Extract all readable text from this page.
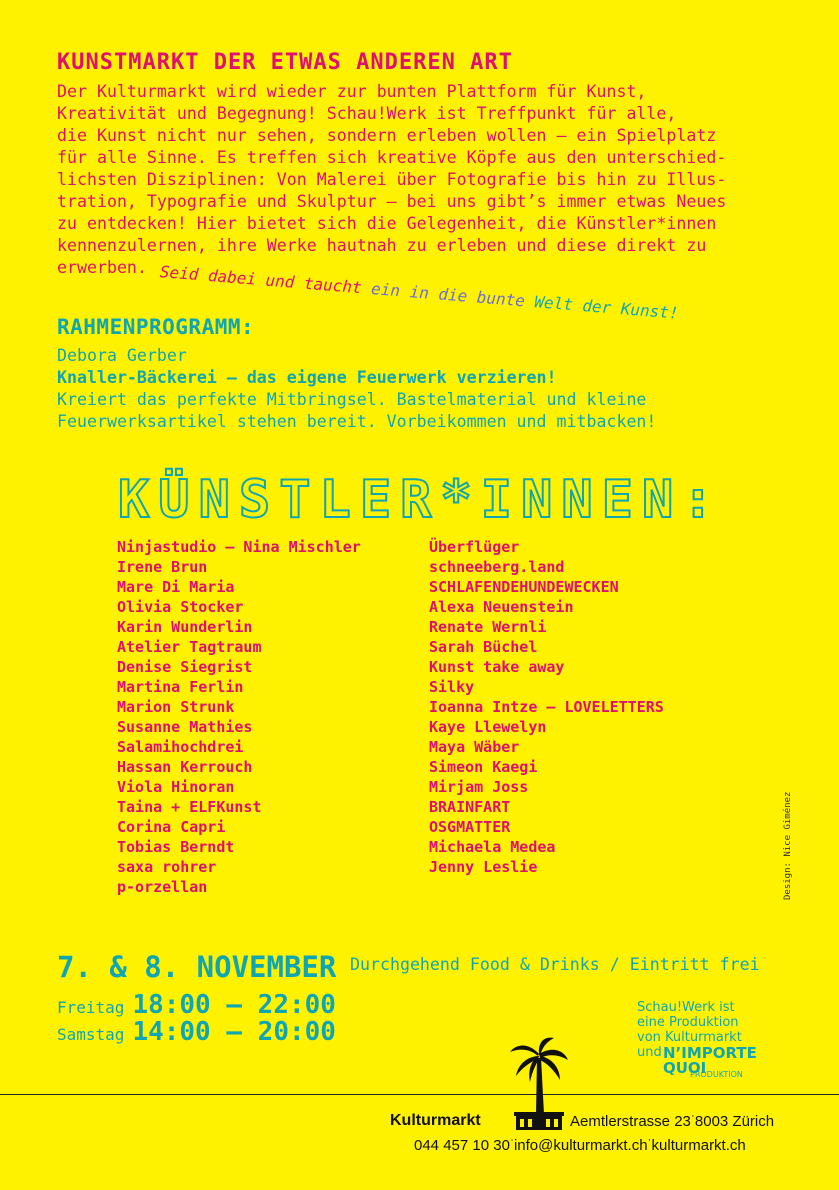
KUNSTMARKT DER ETWAS ANDEREN ART

Der Kulturmarkt wird wieder zur bunten Plattform für Kunst,

Kreativität und Begegnung! Schau!Werk ist Treffpunkt für alle,

die Kunst nicht nur sehen, sondern erleben wollen – ein Spielplatz

für alle Sinne. Es treffen sich kreative Köpfe aus den unterschied-

lichsten Disziplinen: Von Malerei über Fotografie bis hin zu Illus-

tration, Typografie und Skulptur – bei uns gibt’s immer etwas Neues

zu entdecken! Hier bietet sich die Gelegenheit, die Künstler*innen

kennenzulernen, ihre Werke hautnah zu erleben und diese direkt zu

erwerben. Seid dabei und taucht ein in die bunte Welt der Kunst!
RAHMENPROGRAMM:

Debora Gerber

Knaller-Bäckerei – das eigene Feuerwerk verzieren!

Kreiert das perfekte Mitbringsel. Bastelmaterial und kleine

Feuerwerksartikel stehen bereit. Vorbeikommen und mitbacken!

KÜNSTLER*INNEN:
Ninjastudio – Nina Mischler
Irene Brun
Mare Di Maria
Olivia Stocker
Karin Wunderlin
Atelier Tagtraum
Denise Siegrist
Martina Ferlin
Marion Strunk
Susanne Mathies
Salamihochdrei
Hassan Kerrouch
Viola Hinoran
Taina + ELFKunst
Corina Capri
Tobias Berndt
saxa rohrer
p-orzellan
Überflüger
schneeberg.land
SCHLAFENDEHUNDEWECKEN
Alexa Neuenstein
Renate Wernli
Sarah Büchel
Kunst take away
Silky
Ioanna Intze – LOVELETTERS
Kaye Llewelyn
Maya Wäber
Simeon Kaegi
Mirjam Joss
BRAINFART
OSGMATTER
Michaela Medea
Jenny Leslie	Design: Nice Giménez
7. & 8. NOVEMBER Durchgehend Food & Drinks / Eintritt frei
Freitag 18:00 – 22:00
Samstag 14:00 – 20:00
Schau!Werk ist
eine Produktion
von Kulturmarkt
und N’IMPORTE
QUOI
PRODUKTION
Kulturmarkt	Aemtlerstrasse 23ˈ8003 Zürich
044 457 10 30ˈinfo@kulturmarkt.chˈkulturmarkt.ch
